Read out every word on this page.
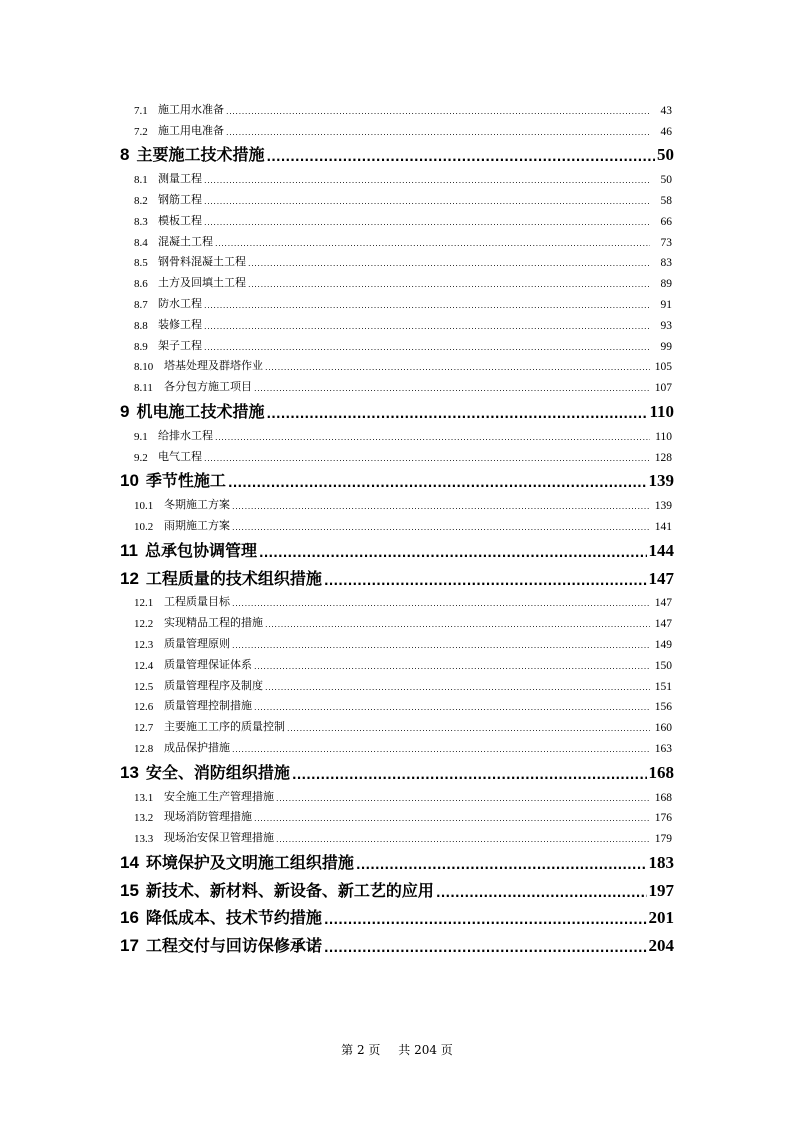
7.1 施工用水准备 .....	43
7.2 施工用电准备 .....	46
8 主要施工技术措施 .....	50
8.1 测量工程 .....	50
8.2 钢筋工程 .....	58
8.3 模板工程 .....	66
8.4 混凝土工程 .....	73
8.5 钢骨料混凝土工程 .....	83
8.6 土方及回填土工程 .....	89
8.7 防水工程 .....	91
8.8 装修工程 .....	93
8.9 架子工程 .....	99
8.10 塔基处理及群塔作业 .....	105
8.11	各分包方施工项目 .....	107
9 机电施工技术措施 .....	110
9.1 给排水工程 .....	110
9.2 电气工程 .....	128
10 季节性施工 .....	139
10.1 冬期施工方案 .....	139
10.2 雨期施工方案 .....	141
11 总承包协调管理 .....	144
12 工程质量的技术组织措施 .....	147
12.1 工程质量目标 .....	147
12.2 实现精品工程的措施 .....	147
12.3 质量管理原则 .....	149
12.4 质量管理保证体系 .....	150
12.5 质量管理程序及制度 .....	151
12.6 质量管理控制措施 .....	156
12.7 主要施工工序的质量控制 .....	160
12.8 成品保护措施 .....	163
13 安全、消防组织措施 .....	168
13.1 安全施工生产管理措施 .....	168
13.2 现场消防管理措施 .....	176
13.3 现场治安保卫管理措施 .....	179
14 环境保护及文明施工组织措施 .....	183
15 新技术、新材料、新设备、新工艺的应用 .....	197
16 降低成本、技术节约措施 .....	201
17 工程交付与回访保修承诺 .....	204
第 2 页 共 204 页
